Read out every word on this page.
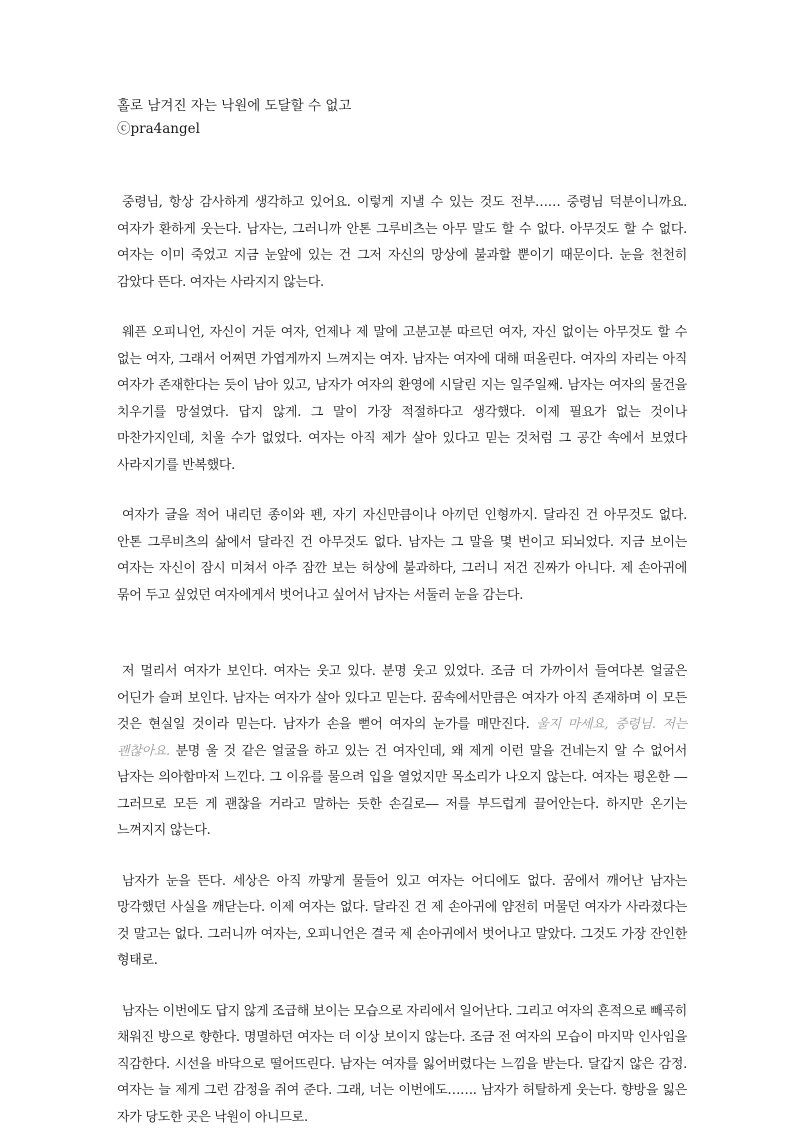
홀로 남겨진 자는 낙원에 도달할 수 없고

ⓒpra4angel

중령님, 항상 감사하게 생각하고 있어요. 이렇게 지낼 수 있는 것도 전부…… 중령님 덕분이니까요. 여자가 환하게 웃는다. 남자는, 그러니까 안톤 그루비츠는 아무 말도 할 수 없다. 아무것도 할 수 없다. 여자는 이미 죽었고 지금 눈앞에 있는 건 그저 자신의 망상에 불과할 뿐이기 때문이다. 눈을 천천히 감았다 뜬다. 여자는 사라지지 않는다.

웨픈 오피니언, 자신이 거둔 여자, 언제나 제 말에 고분고분 따르던 여자, 자신 없이는 아무것도 할 수 없는 여자, 그래서 어쩌면 가엽게까지 느껴지는 여자. 남자는 여자에 대해 떠올린다. 여자의 자리는 아직 여자가 존재한다는 듯이 남아 있고, 남자가 여자의 환영에 시달린 지는 일주일째. 남자는 여자의 물건을 치우기를 망설였다. 답지 않게. 그 말이 가장 적절하다고 생각했다. 이제 필요가 없는 것이나 마찬가지인데, 치울 수가 없었다. 여자는 아직 제가 살아 있다고 믿는 것처럼 그 공간 속에서 보였다 사라지기를 반복했다.

여자가 글을 적어 내리던 종이와 펜, 자기 자신만큼이나 아끼던 인형까지. 달라진 건 아무것도 없다. 안톤 그루비츠의 삶에서 달라진 건 아무것도 없다. 남자는 그 말을 몇 번이고 되뇌었다. 지금 보이는 여자는 자신이 잠시 미쳐서 아주 잠깐 보는 허상에 불과하다, 그러니 저건 진짜가 아니다. 제 손아귀에 묶어 두고 싶었던 여자에게서 벗어나고 싶어서 남자는 서둘러 눈을 감는다.

저 멀리서 여자가 보인다. 여자는 웃고 있다. 분명 웃고 있었다. 조금 더 가까이서 들여다본 얼굴은 어딘가 슬퍼 보인다. 남자는 여자가 살아 있다고 믿는다. 꿈속에서만큼은 여자가 아직 존재하며 이 모든 것은 현실일 것이라 믿는다. 남자가 손을 뻗어 여자의 눈가를 매만진다. 울지 마세요, 중령님. 저는 괜찮아요. 분명 울 것 같은 얼굴을 하고 있는 건 여자인데, 왜 제게 이런 말을 건네는지 알 수 없어서 남자는 의아함마저 느낀다. 그 이유를 물으려 입을 열었지만 목소리가 나오지 않는다. 여자는 평온한 ―그러므로 모든 게 괜찮을 거라고 말하는 듯한 손길로― 저를 부드럽게 끌어안는다. 하지만 온기는 느껴지지 않는다.

남자가 눈을 뜬다. 세상은 아직 까맣게 물들어 있고 여자는 어디에도 없다. 꿈에서 깨어난 남자는 망각했던 사실을 깨닫는다. 이제 여자는 없다. 달라진 건 제 손아귀에 얌전히 머물던 여자가 사라졌다는 것 말고는 없다. 그러니까 여자는, 오피니언은 결국 제 손아귀에서 벗어나고 말았다. 그것도 가장 잔인한 형태로.

남자는 이번에도 답지 않게 조급해 보이는 모습으로 자리에서 일어난다. 그리고 여자의 흔적으로 빼곡히 채워진 방으로 향한다. 명멸하던 여자는 더 이상 보이지 않는다. 조금 전 여자의 모습이 마지막 인사임을 직감한다. 시선을 바닥으로 떨어뜨린다. 남자는 여자를 잃어버렸다는 느낌을 받는다. 달갑지 않은 감정. 여자는 늘 제게 그런 감정을 쥐여 준다. 그래, 너는 이번에도……. 남자가 허탈하게 웃는다. 향방을 잃은 자가 당도한 곳은 낙원이 아니므로.
